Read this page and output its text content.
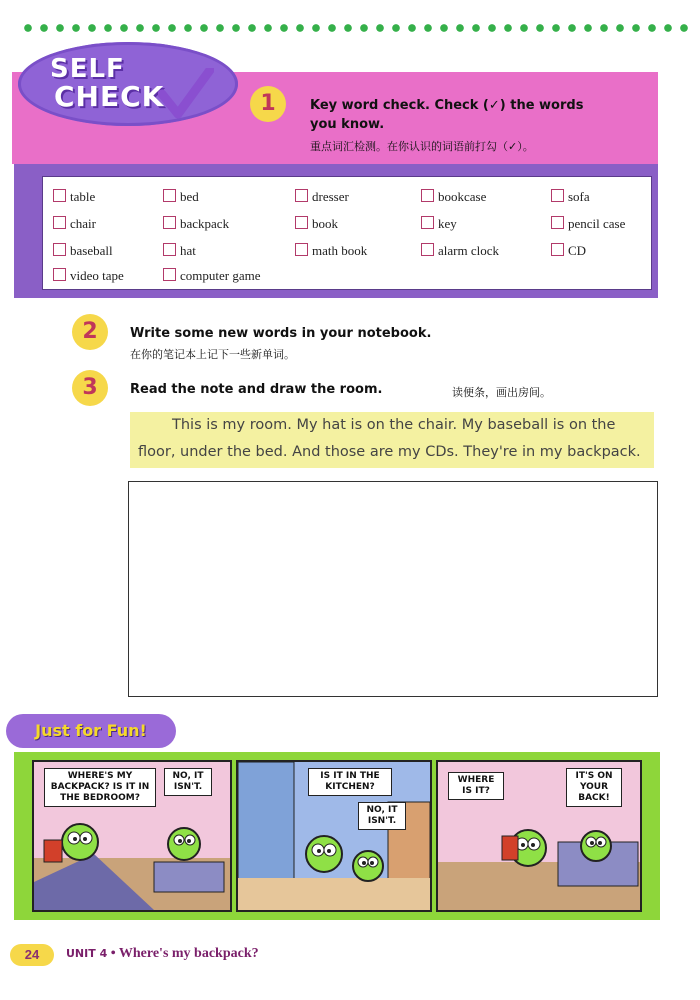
SELF
CHECK	1	Key word check. Check (✓) the words
you know.
重点词汇检测。在你认识的词语前打勾（✓）。
table	bed	dresser	bookcase	sofa
chair	backpack	book	key	pencil case
baseball	hat	math book	alarm clock	CD
video tape	computer game
2	Write some new words in your notebook.
在你的笔记本上记下一些新单词。
3	Read the note and draw the room.	读便条，画出房间。
This is my room. My hat is on the chair. My baseball is on the
floor, under the bed. And those are my CDs. They're in my backpack.
Just for Fun!
WHERE'S MY BACKPACK? IS IT IN THE BEDROOM?
NO, IT ISN'T.
IS IT IN THE KITCHEN?
NO, IT ISN'T.
WHERE IS IT?
IT'S ON YOUR BACK!
24	UNIT 4 • Where's my backpack?
